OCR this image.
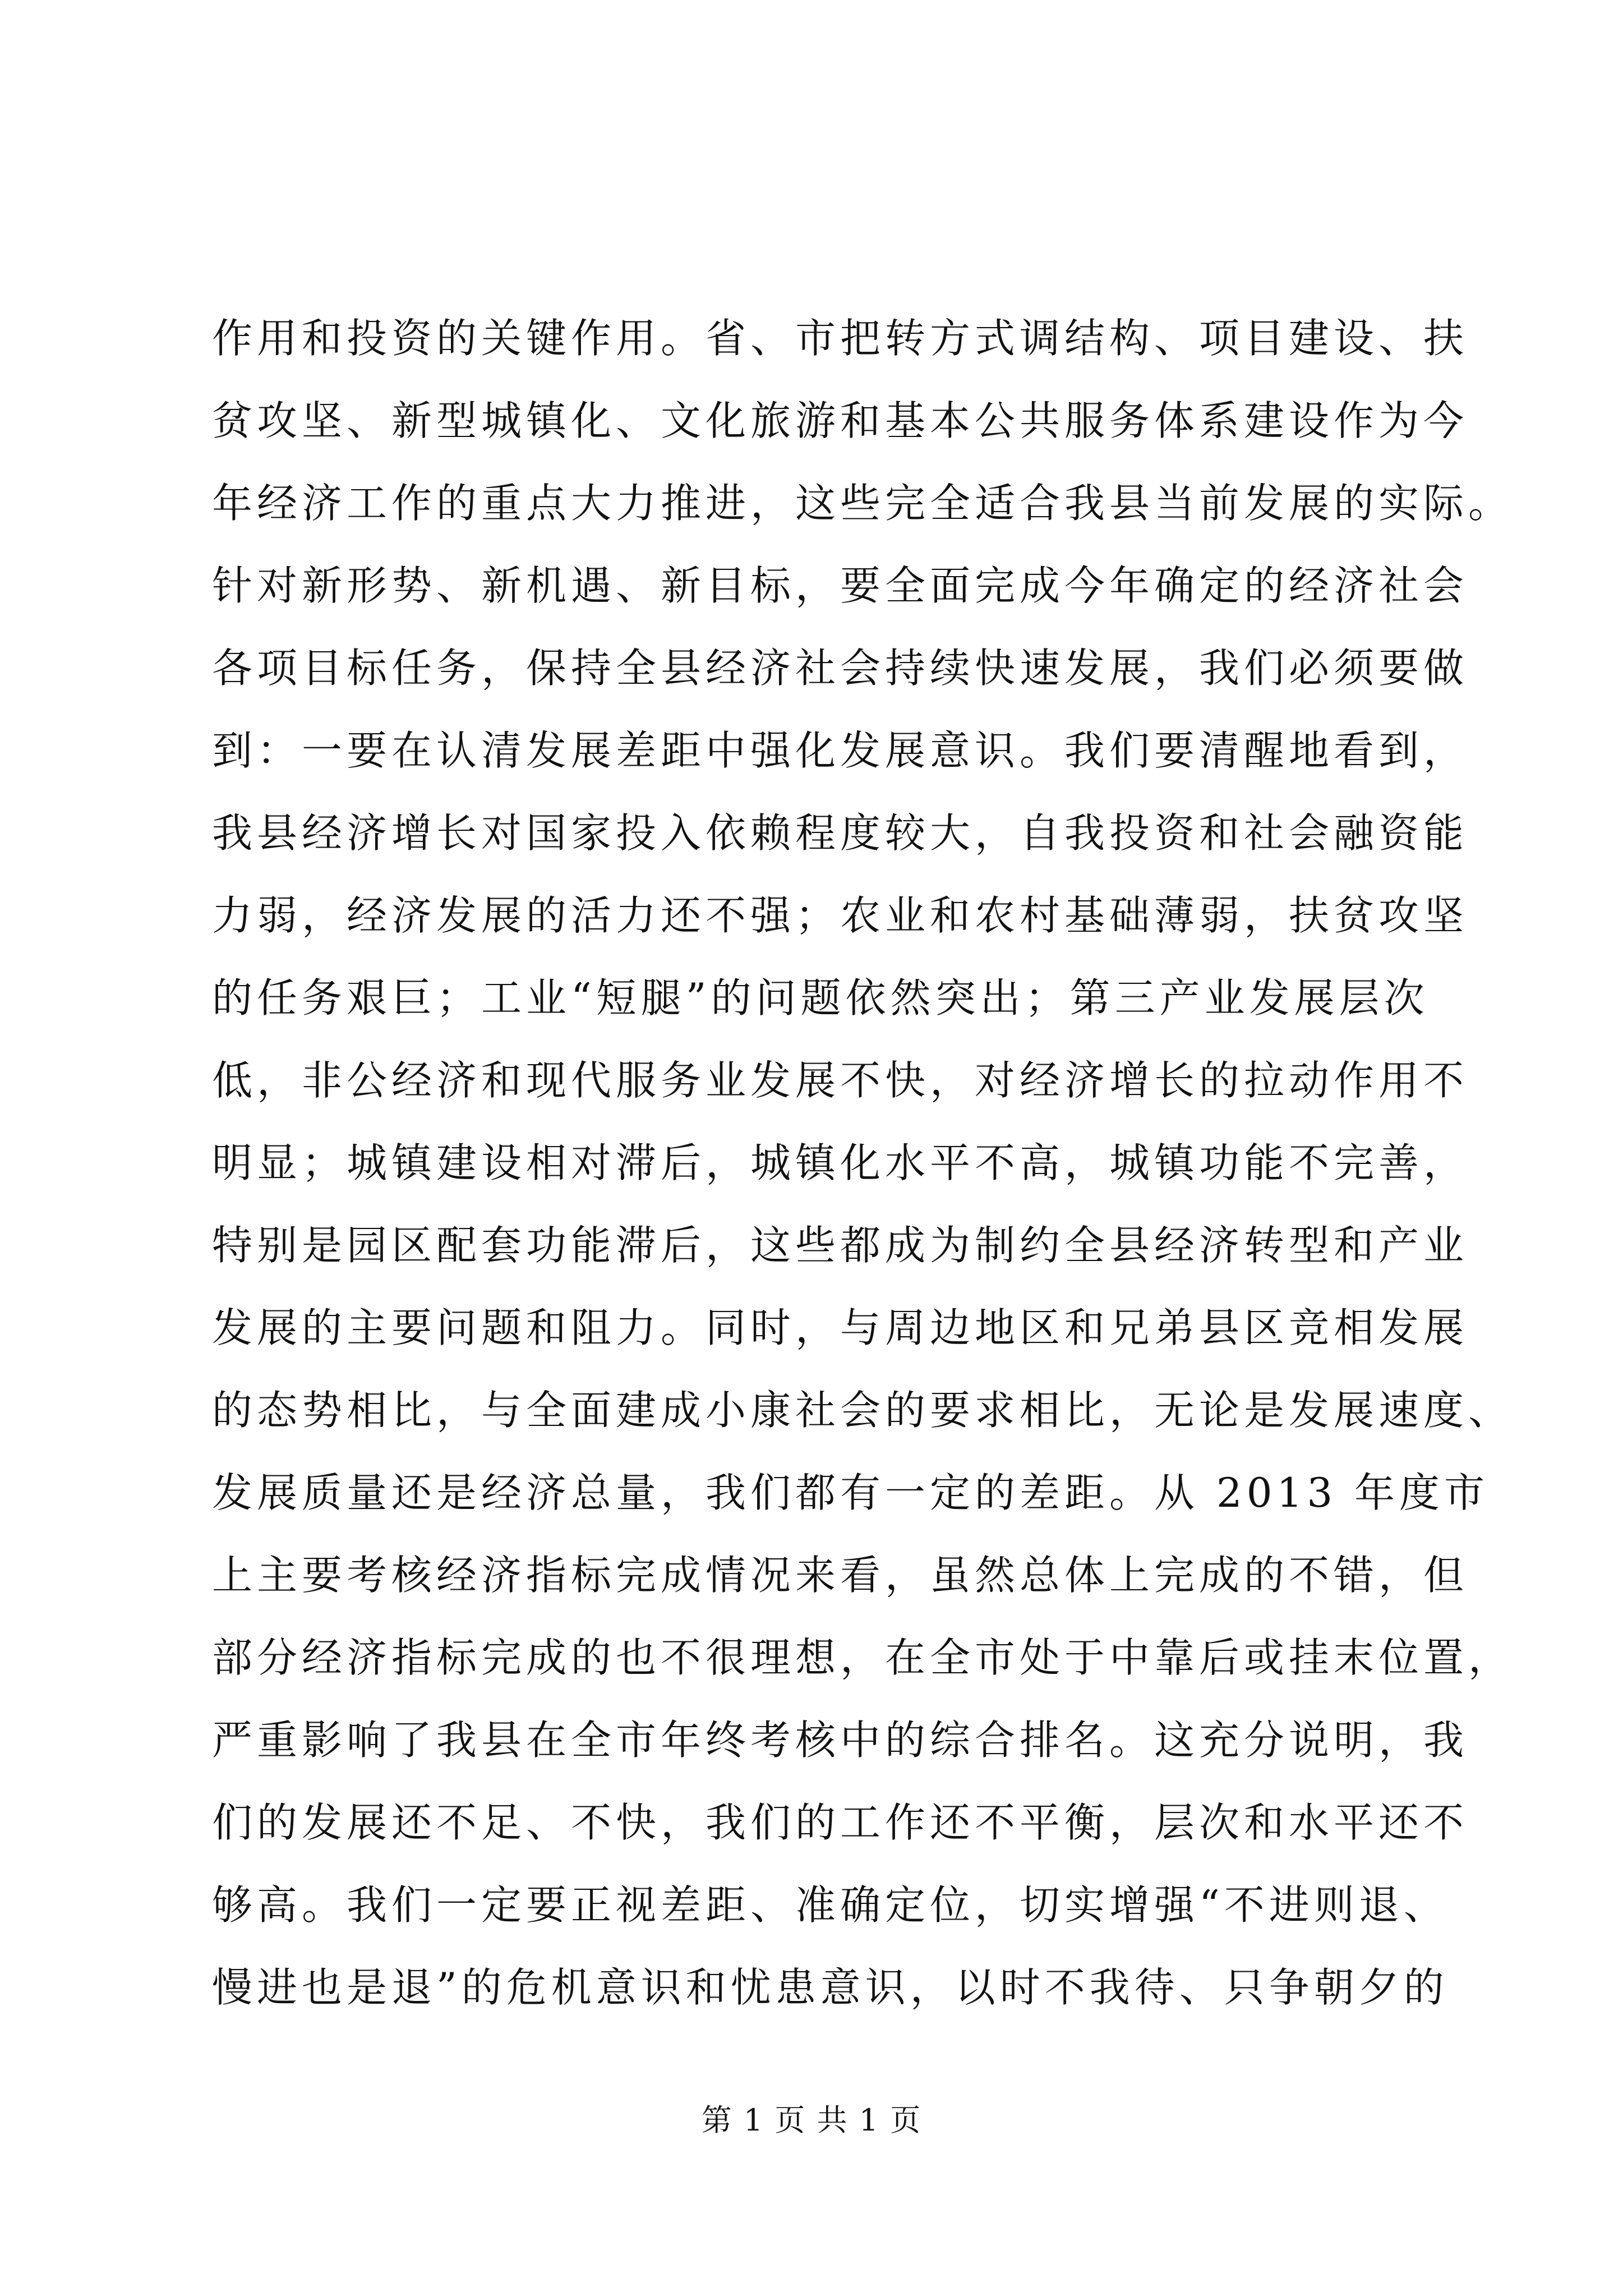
作用和投资的关键作用。省、市把转方式调结构、项目建设、扶
贫攻坚、新型城镇化、文化旅游和基本公共服务体系建设作为今
年经济工作的重点大力推进，这些完全适合我县当前发展的实际。
针对新形势、新机遇、新目标，要全面完成今年确定的经济社会
各项目标任务，保持全县经济社会持续快速发展，我们必须要做
到：一要在认清发展差距中强化发展意识。我们要清醒地看到，
我县经济增长对国家投入依赖程度较大，自我投资和社会融资能
力弱，经济发展的活力还不强；农业和农村基础薄弱，扶贫攻坚
的任务艰巨；工业“短腿”的问题依然突出；第三产业发展层次
低，非公经济和现代服务业发展不快，对经济增长的拉动作用不
明显；城镇建设相对滞后，城镇化水平不高，城镇功能不完善，
特别是园区配套功能滞后，这些都成为制约全县经济转型和产业
发展的主要问题和阻力。同时，与周边地区和兄弟县区竞相发展
的态势相比，与全面建成小康社会的要求相比，无论是发展速度、
发展质量还是经济总量，我们都有一定的差距。从 2013 年度市
上主要考核经济指标完成情况来看，虽然总体上完成的不错，但
部分经济指标完成的也不很理想，在全市处于中靠后或挂末位置，
严重影响了我县在全市年终考核中的综合排名。这充分说明，我
们的发展还不足、不快，我们的工作还不平衡，层次和水平还不
够高。我们一定要正视差距、准确定位，切实增强“不进则退、
慢进也是退”的危机意识和忧患意识，以时不我待、只争朝夕的
第 1 页 共 1 页
